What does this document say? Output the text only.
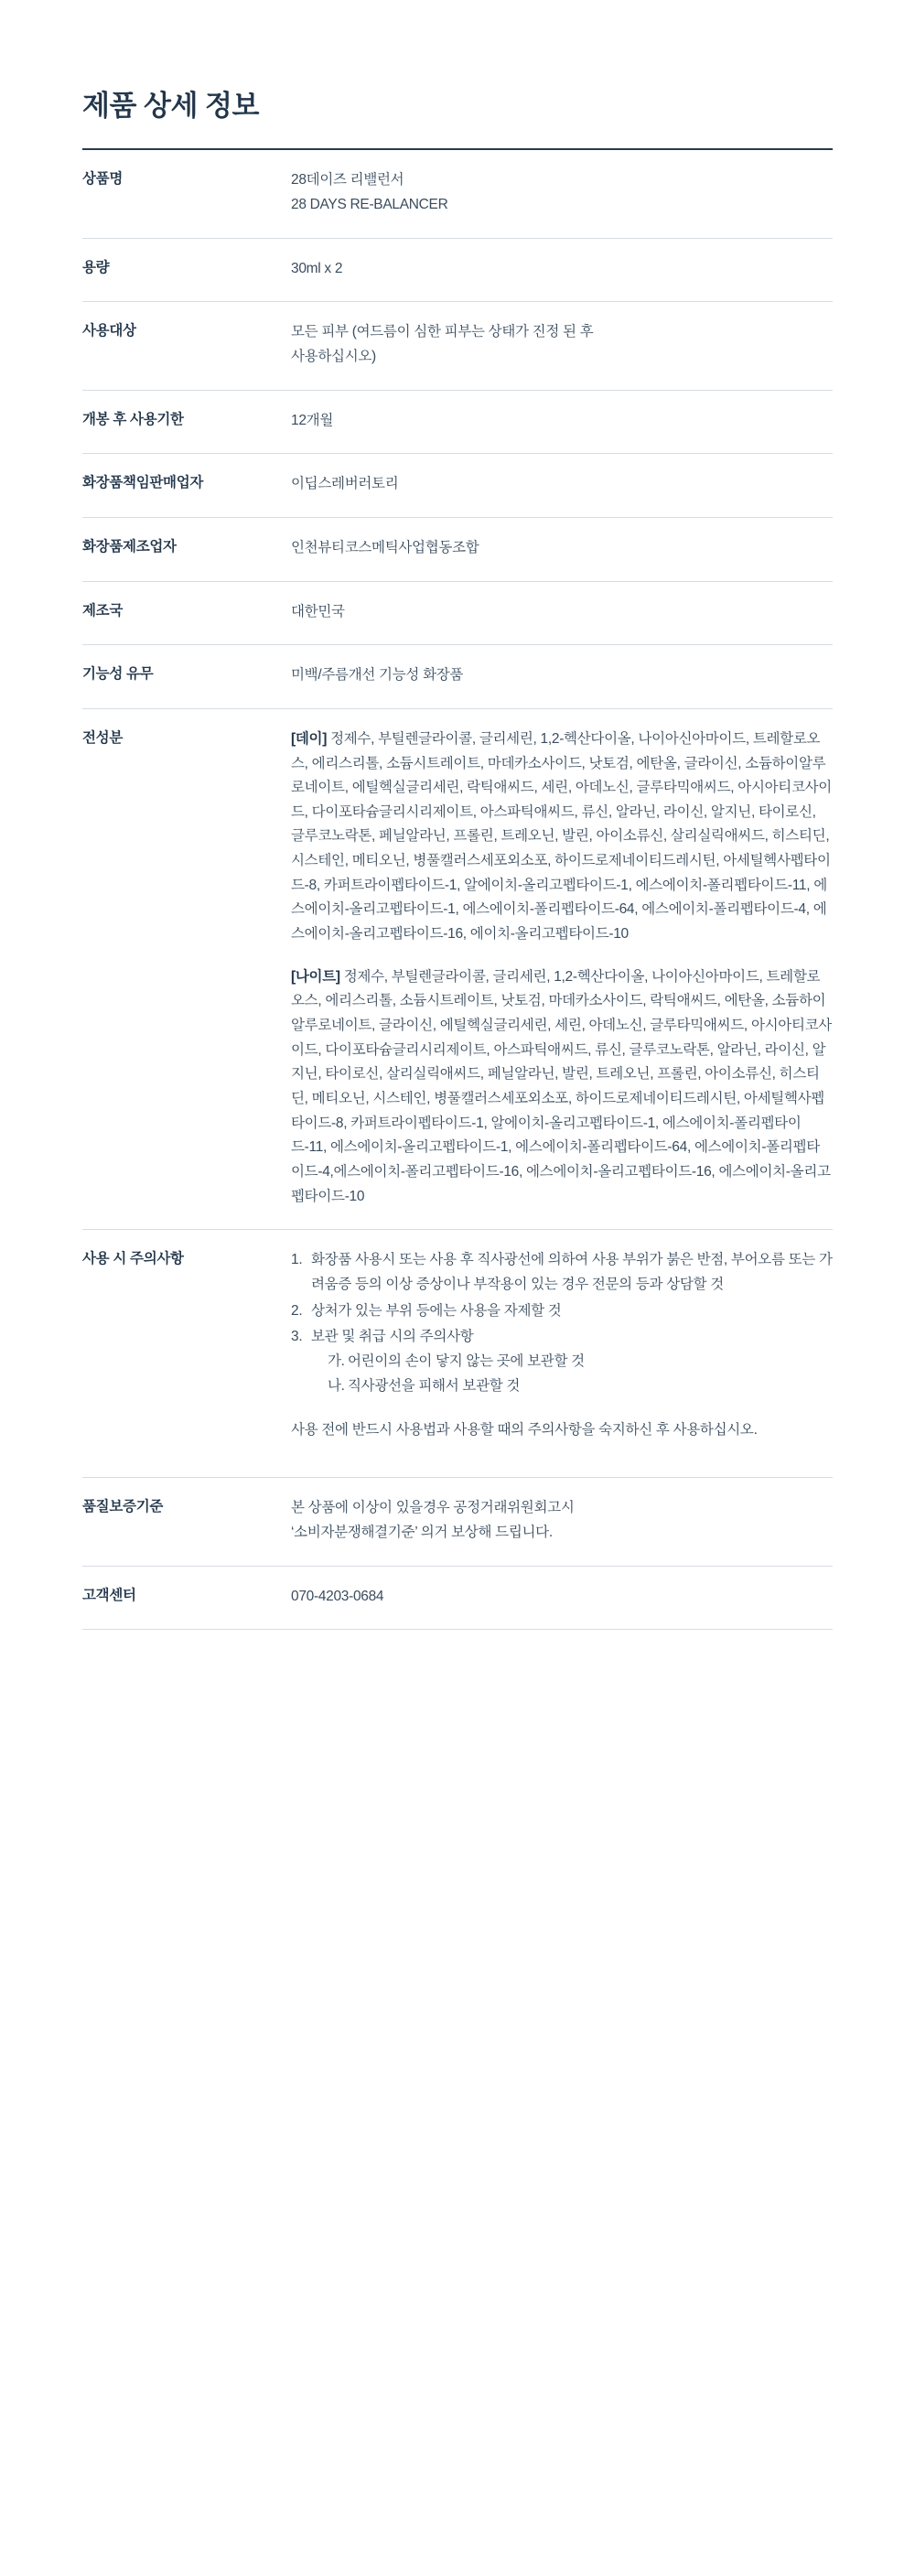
제품 상세 정보
상품명	28데이즈 리밸런서
28 DAYS RE-BALANCER

용량	30ml x 2

사용대상	모든 피부 (여드름이 심한 피부는 상태가 진정 된 후
사용하십시오)

개봉 후 사용기한	12개월

화장품책임판매업자	이딥스레버러토리

화장품제조업자	인천뷰티코스메틱사업협동조합

제조국	대한민국

기능성 유무	미백/주름개선 기능성 화장품

전성분	[데이] 정제수, 부틸렌글라이콜, 글리세린, 1,2-헥산다이올, 나이아신아마이드, 트레할로오스, 에리스리톨, 소듐시트레이트, 마데카소사이드, 낫토검, 에탄올, 글라이신, 소듐하이알루로네이트, 에틸헥실글리세린, 락틱애씨드, 세린, 아데노신, 글루타믹애씨드, 아시아티코사이드, 다이포타슘글리시리제이트, 아스파틱애씨드, 류신, 알라닌, 라이신, 알지닌, 타이로신, 글루코노락톤, 페닐알라닌, 프롤린, 트레오닌, 발린, 아이소류신, 살리실릭애씨드, 히스티딘, 시스테인, 메티오닌, 병풀캘러스세포외소포, 하이드로제네이티드레시틴, 아세틸헥사펩타이드-8, 카퍼트라이펩타이드-1, 알에이치-올리고펩타이드-1, 에스에이치-폴리펩타이드-11, 에스에이치-올리고펩타이드-1, 에스에이치-폴리펩타이드-64, 에스에이치-폴리펩타이드-4, 에스에이치-올리고펩타이드-16, 에이치-올리고펩타이드-10

[나이트] 정제수, 부틸렌글라이콜, 글리세린, 1,2-헥산다이올, 나이아신아마이드, 트레할로오스, 에리스리톨, 소듐시트레이트, 낫토검, 마데카소사이드, 락틱애씨드, 에탄올, 소듐하이알루로네이트, 글라이신, 에틸헥실글리세린, 세린, 아데노신, 글루타믹애씨드, 아시아티코사이드, 다이포타슘글리시리제이트, 아스파틱애씨드, 류신, 글루코노락톤, 알라닌, 라이신, 알지닌, 타이로신, 살리실릭애씨드, 페닐알라닌, 발린, 트레오닌, 프롤린, 아이소류신, 히스티딘, 메티오닌, 시스테인, 병풀캘러스세포외소포, 하이드로제네이티드레시틴, 아세틸헥사펩타이드-8, 카퍼트라이펩타이드-1, 알에이치-올리고펩타이드-1, 에스에이치-폴리펩타이드-11, 에스에이치-올리고펩타이드-1, 에스에이치-폴리펩타이드-64, 에스에이치-폴리펩타이드-4,에스에이치-폴리고펩타이드-16, 에스에이치-올리고펩타이드-16, 에스에이치-올리고펩타이드-10

사용 시 주의사항	1. 화장품 사용시 또는 사용 후 직사광선에 의하여 사용 부위가 붉은 반점, 부어오름 또는 가려움증 등의 이상 증상이나 부작용이 있는 경우 전문의 등과 상담할 것
2. 상처가 있는 부위 등에는 사용을 자제할 것
3. 보관 및 취급 시의 주의사항
가. 어린이의 손이 닿지 않는 곳에 보관할 것
나. 직사광선을 피해서 보관할 것

사용 전에 반드시 사용법과 사용할 때의 주의사항을 숙지하신 후 사용하십시오.

품질보증기준	본 상품에 이상이 있을경우 공정거래위원회고시
‘소비자분쟁해결기준’ 의거 보상해 드립니다.

고객센터	070-4203-0684
